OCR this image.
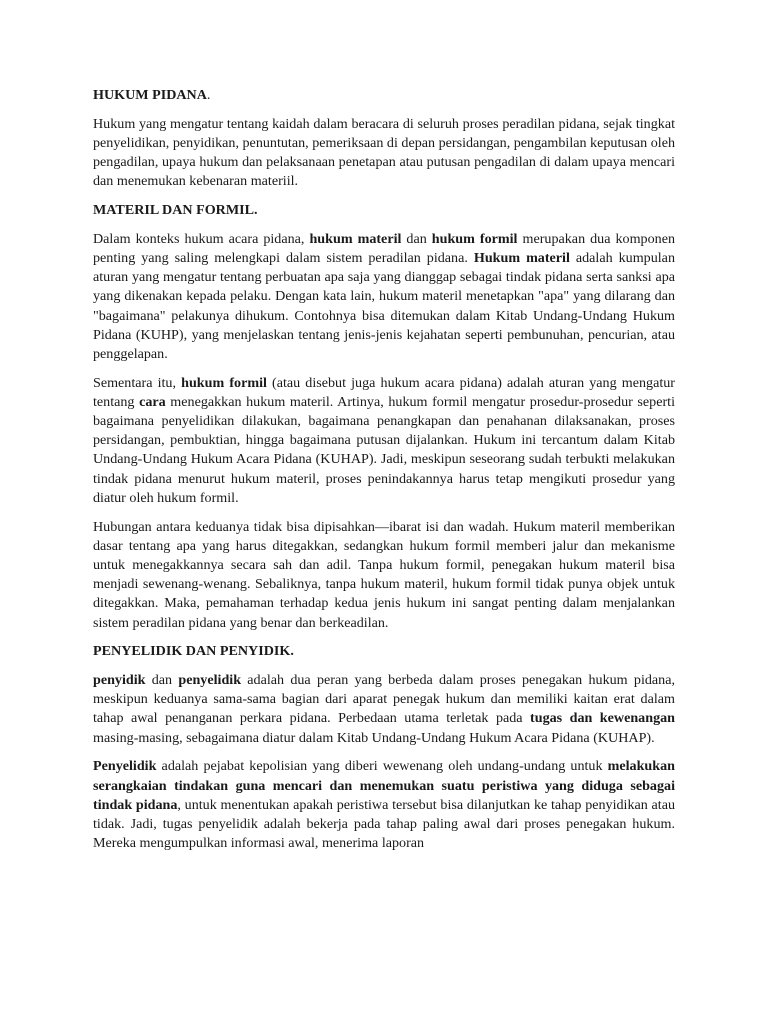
HUKUM PIDANA.

Hukum yang mengatur tentang kaidah dalam beracara di seluruh proses peradilan pidana, sejak tingkat penyelidikan, penyidikan, penuntutan, pemeriksaan di depan persidangan, pengambilan keputusan oleh pengadilan, upaya hukum dan pelaksanaan penetapan atau putusan pengadilan di dalam upaya mencari dan menemukan kebenaran materiil.

MATERIL DAN FORMIL.

Dalam konteks hukum acara pidana, hukum materil dan hukum formil merupakan dua komponen penting yang saling melengkapi dalam sistem peradilan pidana. Hukum materil adalah kumpulan aturan yang mengatur tentang perbuatan apa saja yang dianggap sebagai tindak pidana serta sanksi apa yang dikenakan kepada pelaku. Dengan kata lain, hukum materil menetapkan "apa" yang dilarang dan "bagaimana" pelakunya dihukum. Contohnya bisa ditemukan dalam Kitab Undang-Undang Hukum Pidana (KUHP), yang menjelaskan tentang jenis-jenis kejahatan seperti pembunuhan, pencurian, atau penggelapan.

Sementara itu, hukum formil (atau disebut juga hukum acara pidana) adalah aturan yang mengatur tentang cara menegakkan hukum materil. Artinya, hukum formil mengatur prosedur-prosedur seperti bagaimana penyelidikan dilakukan, bagaimana penangkapan dan penahanan dilaksanakan, proses persidangan, pembuktian, hingga bagaimana putusan dijalankan. Hukum ini tercantum dalam Kitab Undang-Undang Hukum Acara Pidana (KUHAP). Jadi, meskipun seseorang sudah terbukti melakukan tindak pidana menurut hukum materil, proses penindakannya harus tetap mengikuti prosedur yang diatur oleh hukum formil.

Hubungan antara keduanya tidak bisa dipisahkan—ibarat isi dan wadah. Hukum materil memberikan dasar tentang apa yang harus ditegakkan, sedangkan hukum formil memberi jalur dan mekanisme untuk menegakkannya secara sah dan adil. Tanpa hukum formil, penegakan hukum materil bisa menjadi sewenang-wenang. Sebaliknya, tanpa hukum materil, hukum formil tidak punya objek untuk ditegakkan. Maka, pemahaman terhadap kedua jenis hukum ini sangat penting dalam menjalankan sistem peradilan pidana yang benar dan berkeadilan.

PENYELIDIK DAN PENYIDIK.

penyidik dan penyelidik adalah dua peran yang berbeda dalam proses penegakan hukum pidana, meskipun keduanya sama-sama bagian dari aparat penegak hukum dan memiliki kaitan erat dalam tahap awal penanganan perkara pidana. Perbedaan utama terletak pada tugas dan kewenangan masing-masing, sebagaimana diatur dalam Kitab Undang-Undang Hukum Acara Pidana (KUHAP).

Penyelidik adalah pejabat kepolisian yang diberi wewenang oleh undang-undang untuk melakukan serangkaian tindakan guna mencari dan menemukan suatu peristiwa yang diduga sebagai tindak pidana, untuk menentukan apakah peristiwa tersebut bisa dilanjutkan ke tahap penyidikan atau tidak. Jadi, tugas penyelidik adalah bekerja pada tahap paling awal dari proses penegakan hukum. Mereka mengumpulkan informasi awal, menerima laporan
